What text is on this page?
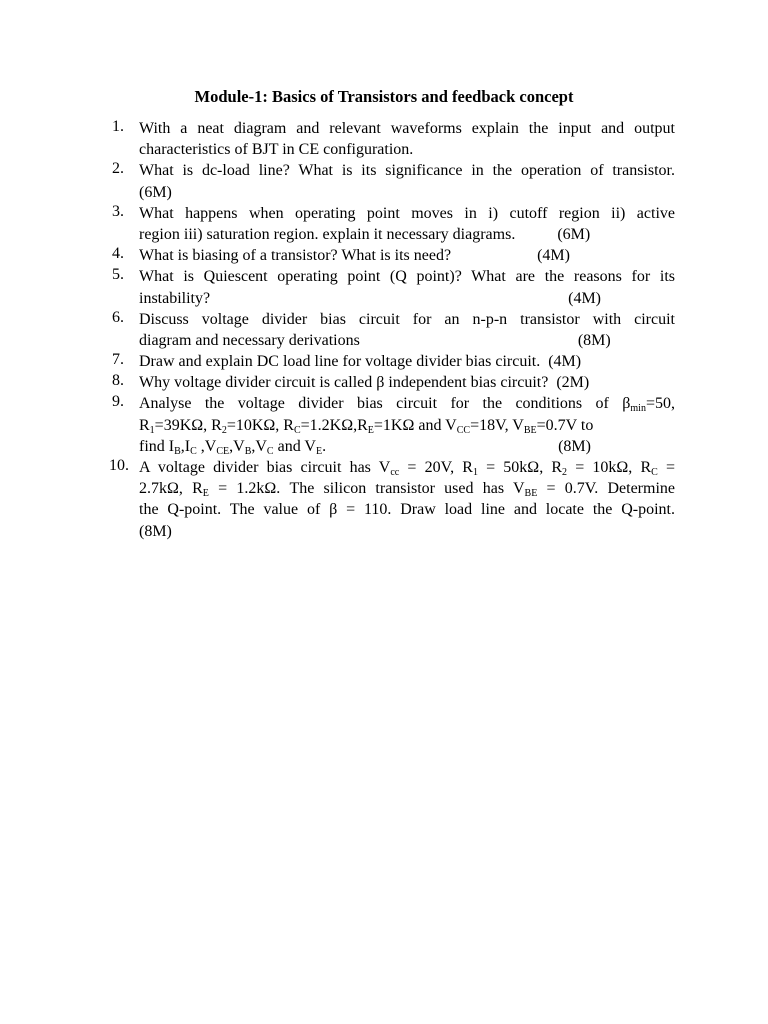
Module-1: Basics of Transistors and feedback concept
1. With a neat diagram and relevant waveforms explain the input and output
characteristics of BJT in CE configuration.
2. What is dc-load line? What is its significance in the operation of transistor.
(6M)
3. What happens when operating point moves in i) cutoff region ii) active
region iii) saturation region. explain it necessary diagrams.	(6M)
4. What is biasing of a transistor? What is its need?	(4M)
5. What is Quiescent operating point (Q point)? What are the reasons for its
instability?	(4M)
6. Discuss voltage divider bias circuit for an n-p-n transistor with circuit
diagram and necessary derivations	(8M)
7. Draw and explain DC load line for voltage divider bias circuit. (4M)
8. Why voltage divider circuit is called β independent bias circuit? (2M)
9. Analyse the voltage divider bias circuit for the conditions of $\beta_{min}=50$,
$R_1=39K\Omega$, $R_2=10K\Omega$, $R_C=1.2K\Omega,R_E=1K\Omega$ and $V_{CC}=18V$, $V_{BE}=0.7V$ to
find $I_B,I_C$ $,V_{CE},V_B,V_C$ and $V_E$.	(8M)
10. A voltage divider bias circuit has $V_{cc} = 20V$, $R_1 = 50k\Omega$, $R_2 = 10k\Omega$, $R_C$ =
2.7kΩ, $R_E = 1.2k\Omega$. The silicon transistor used has $V_{BE} = 0.7V$. Determine
the Q-point. The value of β = 110. Draw load line and locate the Q-point.
(8M)
